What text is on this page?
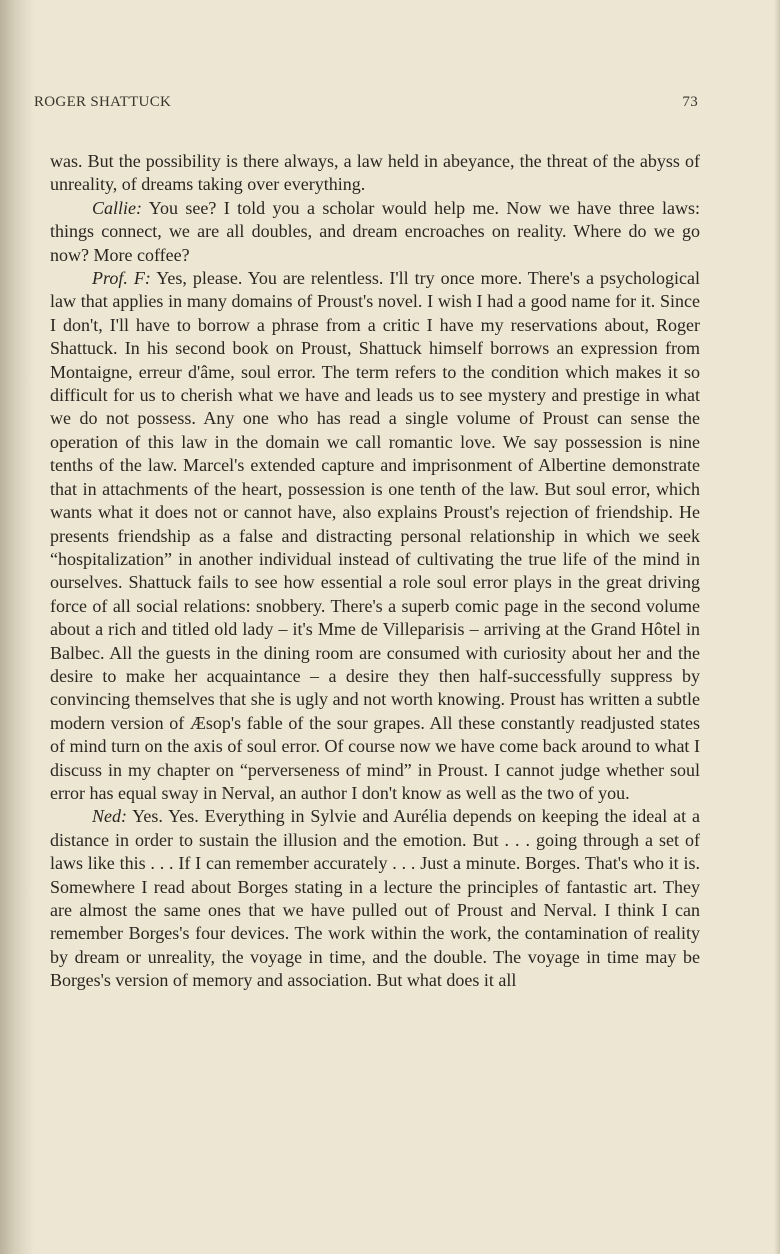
ROGER SHATTUCK	73

was. But the possibility is there always, a law held in abeyance, the threat of the abyss of unreality, of dreams taking over everything.

Callie: You see? I told you a scholar would help me. Now we have three laws: things connect, we are all doubles, and dream encroaches on reality. Where do we go now? More coffee?

Prof. F: Yes, please. You are relentless. I'll try once more. There's a psychological law that applies in many domains of Proust's novel. I wish I had a good name for it. Since I don't, I'll have to borrow a phrase from a critic I have my reservations about, Roger Shattuck. In his second book on Proust, Shattuck himself borrows an expression from Montaigne, erreur d'âme, soul error. The term refers to the condition which makes it so difficult for us to cherish what we have and leads us to see mystery and prestige in what we do not possess. Any one who has read a single volume of Proust can sense the operation of this law in the domain we call romantic love. We say possession is nine tenths of the law. Marcel's extended capture and imprisonment of Albertine demonstrate that in attachments of the heart, possession is one tenth of the law. But soul error, which wants what it does not or cannot have, also explains Proust's rejection of friendship. He presents friendship as a false and distracting personal relationship in which we seek “hospitalization” in another individual instead of cultivating the true life of the mind in ourselves. Shattuck fails to see how essential a role soul error plays in the great driving force of all social relations: snobbery. There's a superb comic page in the second volume about a rich and titled old lady – it's Mme de Villeparisis – arriving at the Grand Hôtel in Balbec. All the guests in the dining room are consumed with curiosity about her and the desire to make her acquaintance – a desire they then half-successfully suppress by convincing themselves that she is ugly and not worth knowing. Proust has written a subtle modern version of Æsop's fable of the sour grapes. All these constantly readjusted states of mind turn on the axis of soul error. Of course now we have come back around to what I discuss in my chapter on “perverseness of mind” in Proust. I cannot judge whether soul error has equal sway in Nerval, an author I don't know as well as the two of you.

Ned: Yes. Yes. Everything in Sylvie and Aurélia depends on keeping the ideal at a distance in order to sustain the illusion and the emotion. But . . . going through a set of laws like this . . . If I can remember accurately . . . Just a minute. Borges. That's who it is. Somewhere I read about Borges stating in a lecture the principles of fantastic art. They are almost the same ones that we have pulled out of Proust and Nerval. I think I can remember Borges's four devices. The work within the work, the contamination of reality by dream or unreality, the voyage in time, and the double. The voyage in time may be Borges's version of memory and association. But what does it all
